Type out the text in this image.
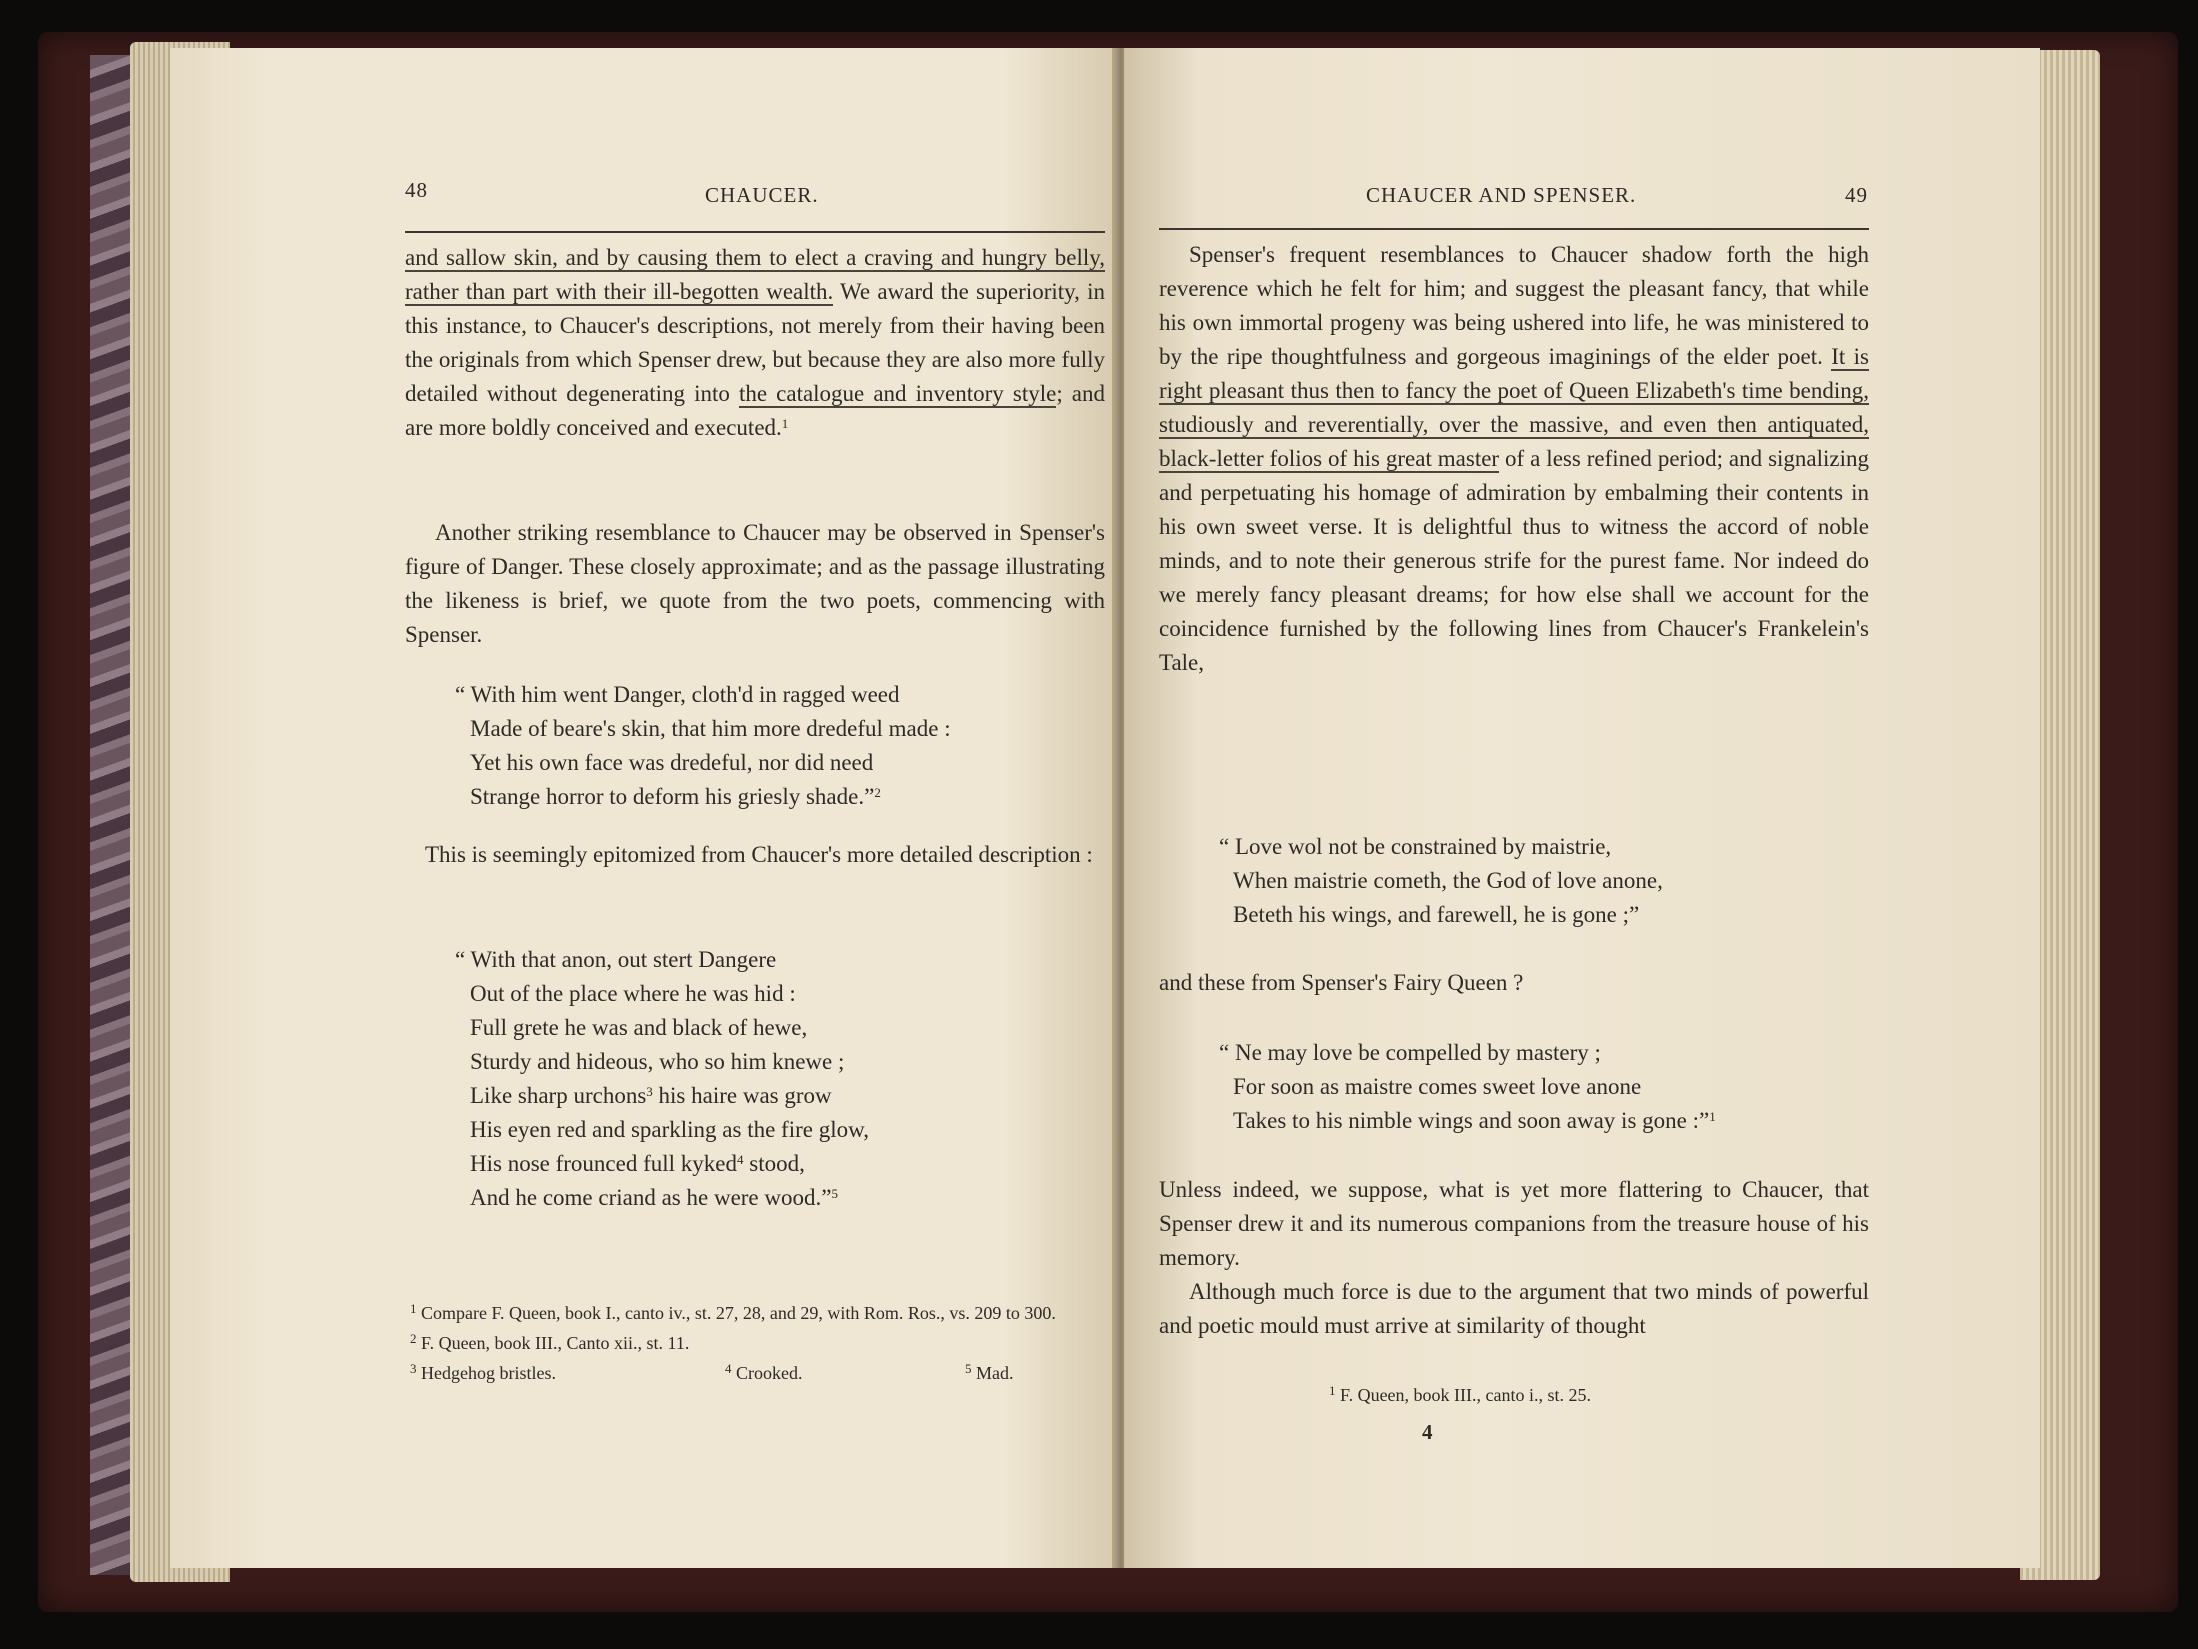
48	CHAUCER.

and sallow skin, and by causing them to elect a craving and hungry belly, rather than part with their ill-begotten wealth. We award the superiority, in this instance, to Chaucer's descriptions, not merely from their having been the originals from which Spenser drew, but because they are also more fully detailed without degenerating into the catalogue and inventory style; and are more boldly conceived and executed.$^1$

Another striking resemblance to Chaucer may be observed in Spenser's figure of Danger. These closely approximate; and as the passage illustrating the likeness is brief, we quote from the two poets, commencing with Spenser.

“ With him went Danger, cloth'd in ragged weed
Made of beare's skin, that him more dredeful made :
Yet his own face was dredeful, nor did need
Strange horror to deform his griesly shade.”$^2$

This is seemingly epitomized from Chaucer's more detailed description :

“ With that anon, out stert Dangere
Out of the place where he was hid :
Full grete he was and black of hewe,
Sturdy and hideous, who so him knewe ;
Like sharp urchons$^3$ his haire was grow
His eyen red and sparkling as the fire glow,
His nose frounced full kyked$^4$ stood,
And he come criand as he were wood.”$^5$
$^1$ Compare F. Queen, book I., canto iv., st. 27, 28, and 29, with Rom. Ros., vs. 209 to 300.
$^2$ F. Queen, book III., Canto xii., st. 11.
$^3$ Hedgehog bristles.	$^4$ Crooked.	$^5$ Mad.
CHAUCER AND SPENSER.	49

Spenser's frequent resemblances to Chaucer shadow forth the high reverence which he felt for him; and suggest the pleasant fancy, that while his own immortal progeny was being ushered into life, he was ministered to by the ripe thoughtfulness and gorgeous imaginings of the elder poet. It is right pleasant thus then to fancy the poet of Queen Elizabeth's time bending, studiously and reverentially, over the massive, and even then antiquated, black-letter folios of his great master of a less refined period; and signalizing and perpetuating his homage of admiration by embalming their contents in his own sweet verse. It is delightful thus to witness the accord of noble minds, and to note their generous strife for the purest fame. Nor indeed do we merely fancy pleasant dreams; for how else shall we account for the coincidence furnished by the following lines from Chaucer's Frankelein's Tale,

“ Love wol not be constrained by maistrie,
When maistrie cometh, the God of love anone,
Beteth his wings, and farewell, he is gone ;”

and these from Spenser's Fairy Queen ?

“ Ne may love be compelled by mastery ;
For soon as maistre comes sweet love anone
Takes to his nimble wings and soon away is gone :”$^1$

Unless indeed, we suppose, what is yet more flattering to Chaucer, that Spenser drew it and its numerous companions from the treasure house of his memory.

Although much force is due to the argument that two minds of powerful and poetic mould must arrive at similarity of thought

$^1$ F. Queen, book III., canto i., st. 25.
4
